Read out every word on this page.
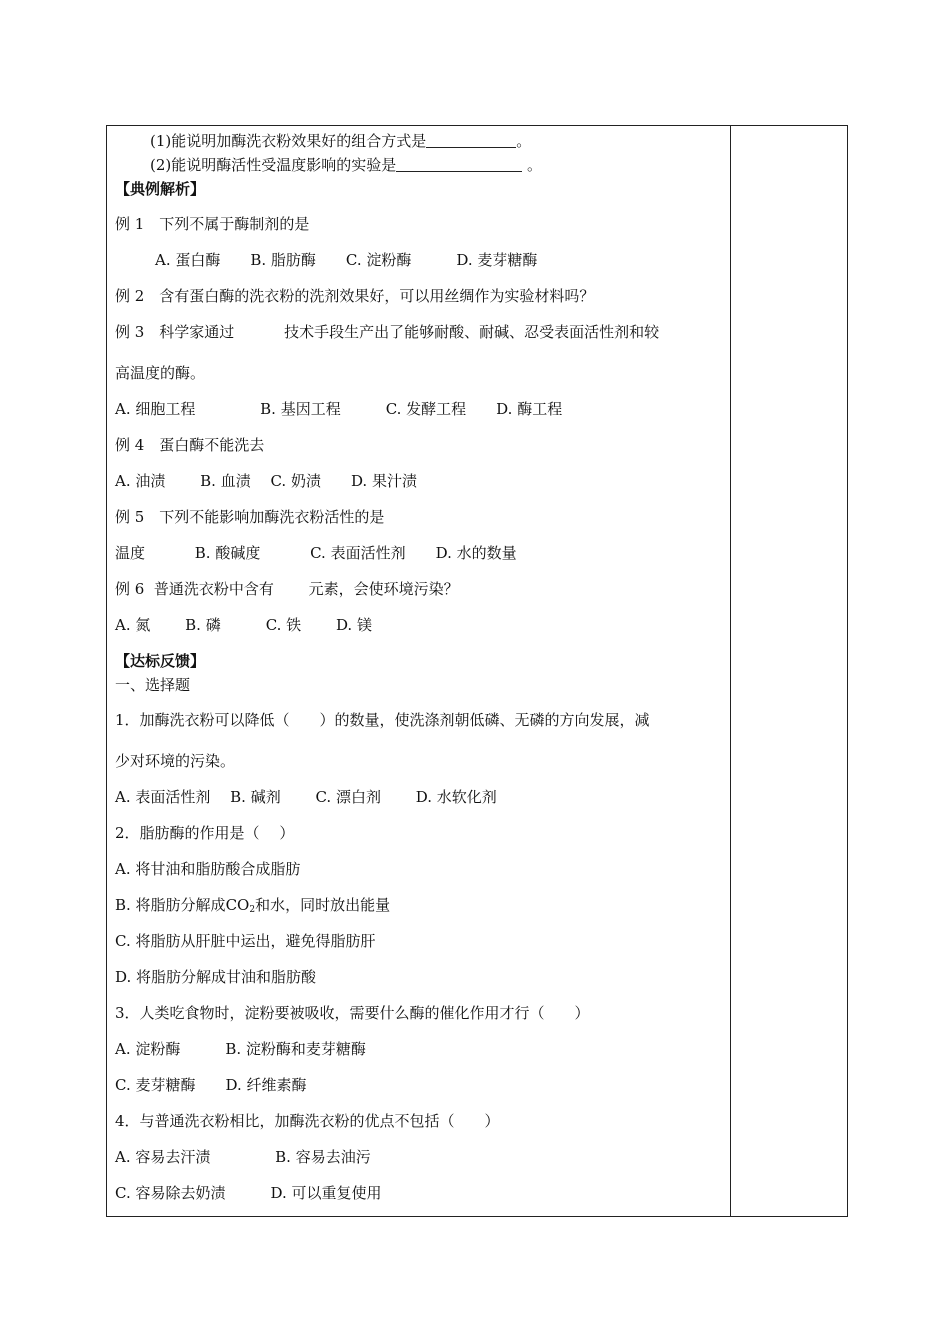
(1)能说明加酶洗衣粉效果好的组合方式是	。
(2)能说明酶活性受温度影响的实验是	。
【典例解析】
例 1　下列不属于酶制剂的是
　A. 蛋白酶　　B. 脂肪酶　　C. 淀粉酶　　　D. 麦芽糖酶
例 2　含有蛋白酶的洗衣粉的洗剂效果好，可以用丝绸作为实验材料吗？
例 3　科学家通过　　　 技术手段生产出了能够耐酸、耐碱、忍受表面活性剂和较
高温度的酶。
A. 细胞工程　　　　 B. 基因工程　　　C. 发酵工程　　D. 酶工程
例 4　蛋白酶不能洗去
A. 油渍　　 B. 血渍　 C. 奶渍　　D. 果汁渍
例 5　下列不能影响加酶洗衣粉活性的是
温度　　　 B. 酸碱度　　　 C. 表面活性剂　　D. 水的数量
例 6  普通洗衣粉中含有　　 元素，会使环境污染？
A. 氮　　 B. 磷　　　C. 铁　　 D. 镁
【达标反馈】
一、选择题
1．加酶洗衣粉可以降低（　　）的数量，使洗涤剂朝低磷、无磷的方向发展，减
少对环境的污染。
A. 表面活性剂　 B. 碱剂　　 C. 漂白剂　　 D. 水软化剂
2．脂肪酶的作用是（　 ）
A. 将甘油和脂肪酸合成脂肪
B. 将脂肪分解成$CO_2$和水，同时放出能量
C. 将脂肪从肝脏中运出，避免得脂肪肝
D. 将脂肪分解成甘油和脂肪酸
3．人类吃食物时，淀粉要被吸收，需要什么酶的催化作用才行（　　）
A. 淀粉酶　　　B. 淀粉酶和麦芽糖酶
C. 麦芽糖酶　　D. 纤维素酶
4．与普通洗衣粉相比，加酶洗衣粉的优点不包括（　　）
A. 容易去汗渍　　　　 B. 容易去油污
C. 容易除去奶渍　　　D. 可以重复使用
